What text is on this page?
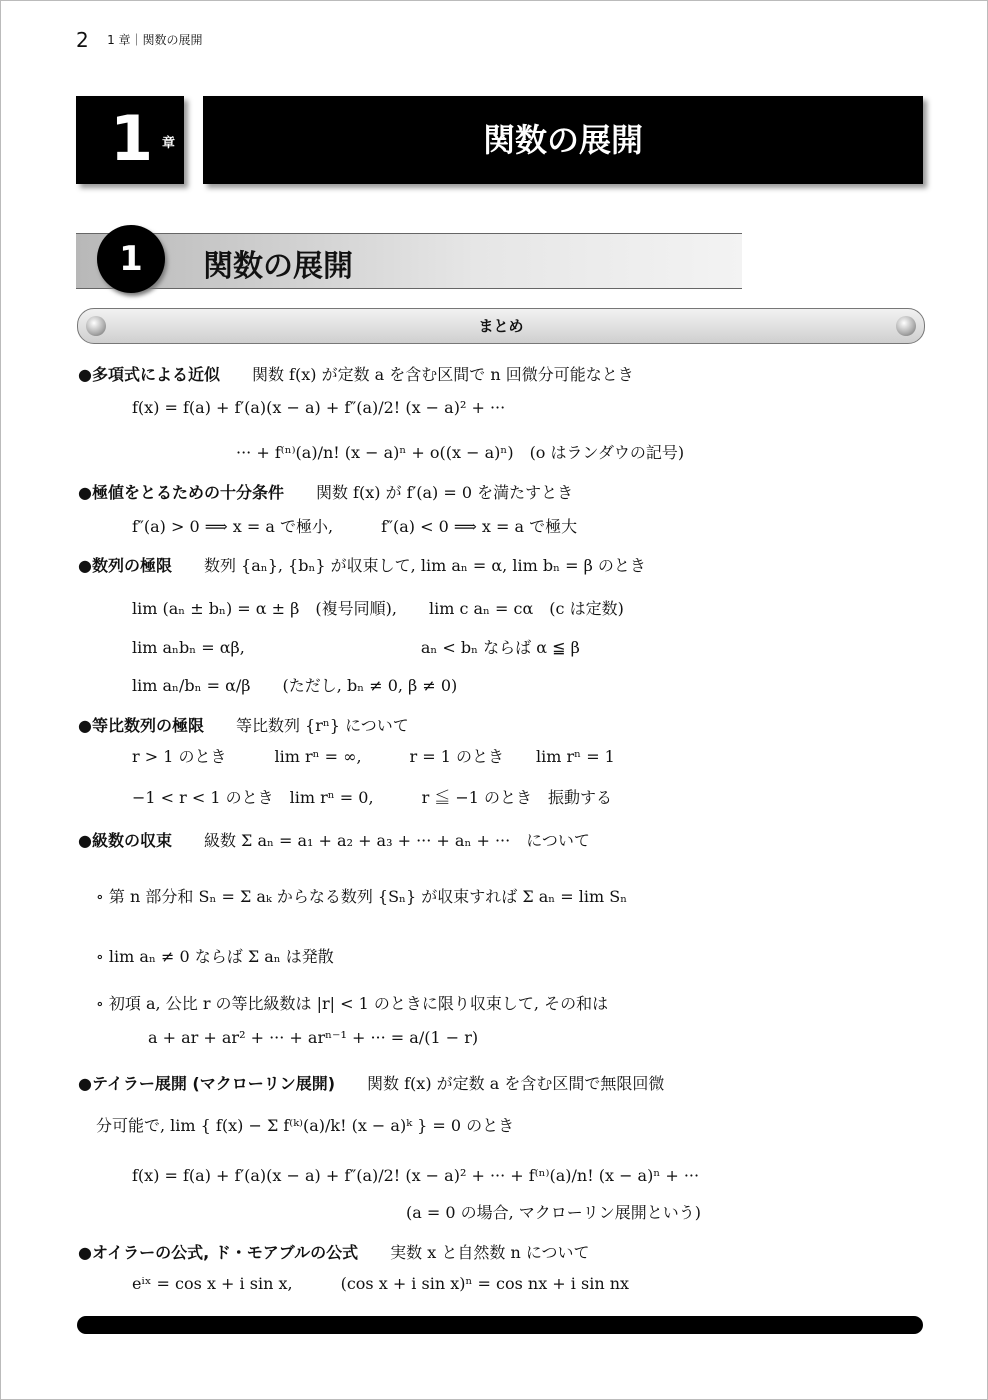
2 1 章｜関数の展開
1 章	関数の展開
1	関数の展開
まとめ
●多項式による近似　　関数 f(x) が定数 a を含む区間で n 回微分可能なとき
f(x) = f(a) + f′(a)(x − a) + f″(a)/2! (x − a)² + ···
··· + f⁽ⁿ⁾(a)/n! (x − a)ⁿ + o((x − a)ⁿ)　(o はランダウの記号)
●極値をとるための十分条件　　関数 f(x) が f′(a) = 0 を満たすとき
f″(a) > 0 ⟹ x = a で極小,　　　f″(a) < 0 ⟹ x = a で極大
●数列の極限　　数列 {aₙ}, {bₙ} が収束して, lim aₙ = α, lim bₙ = β のとき
lim (aₙ ± bₙ) = α ± β　(複号同順),　　lim c aₙ = cα　(c は定数)
lim aₙbₙ = αβ,　　　　　　　　　　　aₙ < bₙ ならば α ≦ β
lim aₙ/bₙ = α/β　　(ただし, bₙ ≠ 0, β ≠ 0)
●等比数列の極限　　等比数列 {rⁿ} について
r > 1 のとき　　　lim rⁿ = ∞,　　　r = 1 のとき　　lim rⁿ = 1
−1 < r < 1 のとき　lim rⁿ = 0,　　　r ≦ −1 のとき　振動する
●級数の収束　　級数 Σ aₙ = a₁ + a₂ + a₃ + ··· + aₙ + ···　について
∘ 第 n 部分和 Sₙ = Σ aₖ からなる数列 {Sₙ} が収束すれば Σ aₙ = lim Sₙ
∘ lim aₙ ≠ 0 ならば Σ aₙ は発散
∘ 初項 a, 公比 r の等比級数は |r| < 1 のときに限り収束して, その和は
a + ar + ar² + ··· + arⁿ⁻¹ + ··· = a/(1 − r)
●テイラー展開 (マクローリン展開)　　関数 f(x) が定数 a を含む区間で無限回微
分可能で, lim { f(x) − Σ f⁽ᵏ⁾(a)/k! (x − a)ᵏ } = 0 のとき
f(x) = f(a) + f′(a)(x − a) + f″(a)/2! (x − a)² + ··· + f⁽ⁿ⁾(a)/n! (x − a)ⁿ + ···
(a = 0 の場合, マクローリン展開という)
●オイラーの公式, ド・モアブルの公式　　実数 x と自然数 n について
eⁱˣ = cos x + i sin x,　　　(cos x + i sin x)ⁿ = cos nx + i sin nx
